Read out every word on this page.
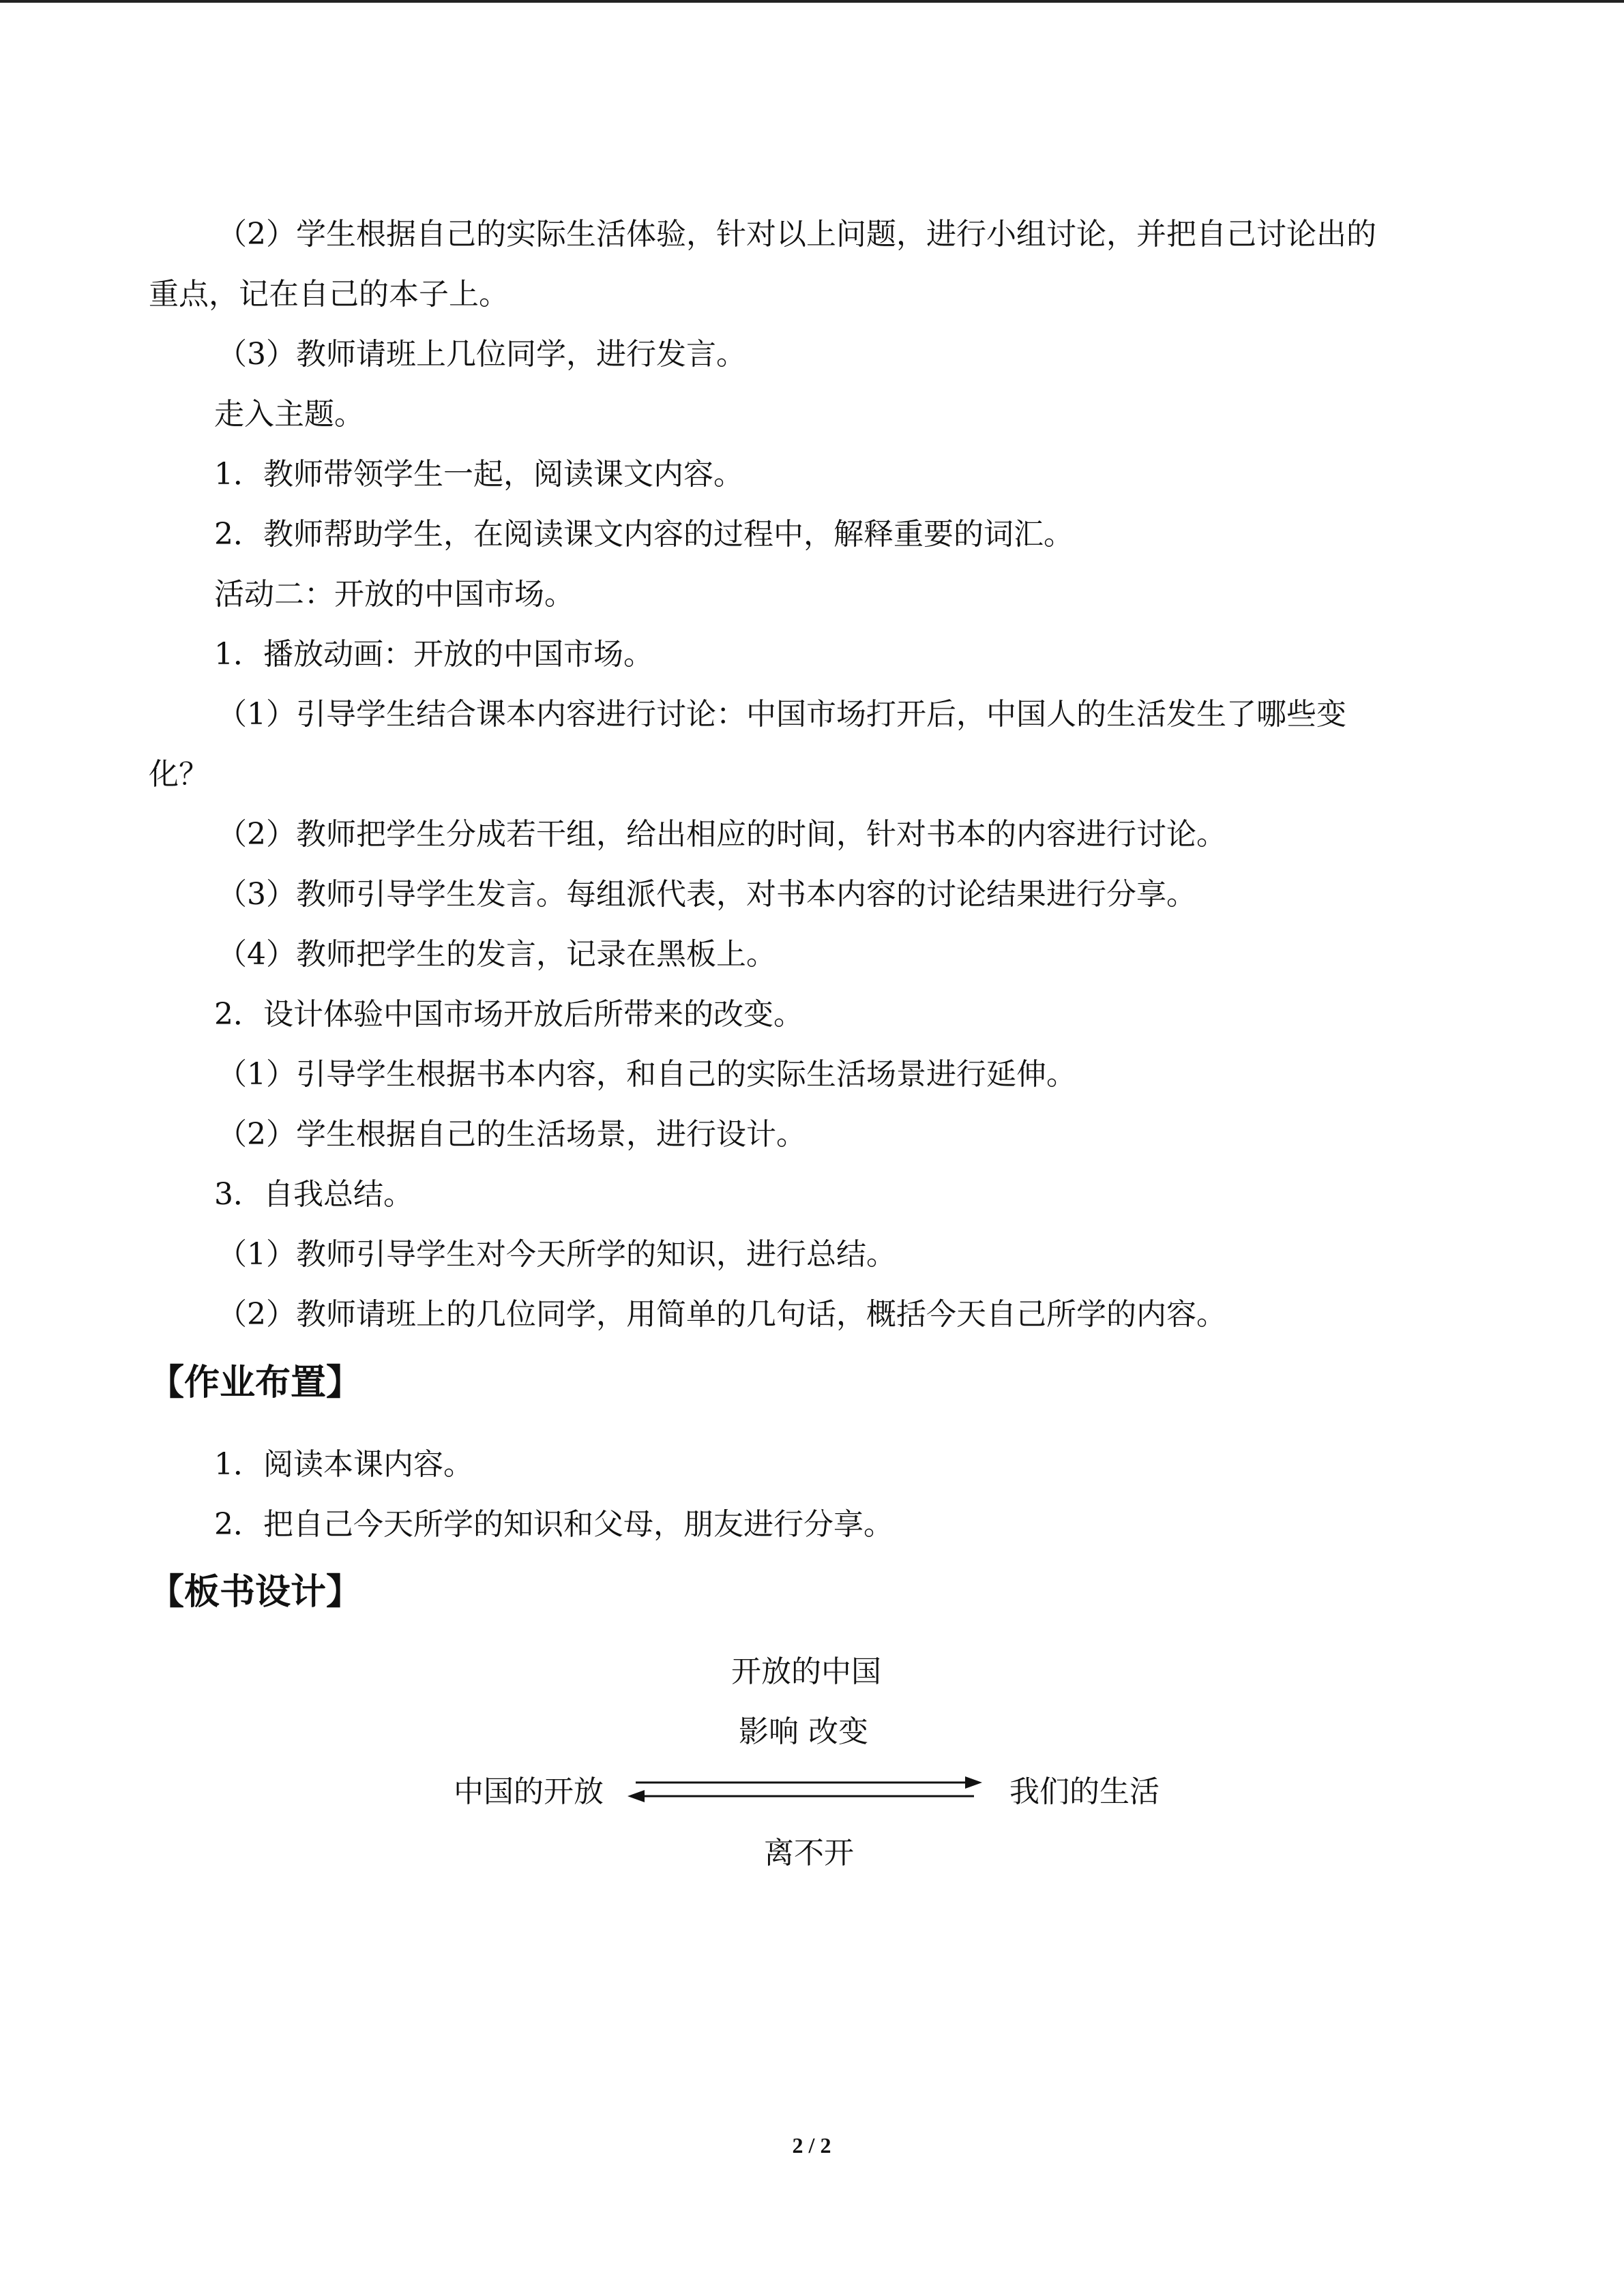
（2）学生根据自己的实际生活体验，针对以上问题，进行小组讨论，并把自己讨论出的
重点，记在自己的本子上。
（3）教师请班上几位同学，进行发言。
走入主题。
1．教师带领学生一起，阅读课文内容。
2．教师帮助学生，在阅读课文内容的过程中，解释重要的词汇。
活动二：开放的中国市场。
1．播放动画：开放的中国市场。
（1）引导学生结合课本内容进行讨论：中国市场打开后，中国人的生活发生了哪些变
化？
（2）教师把学生分成若干组，给出相应的时间，针对书本的内容进行讨论。
（3）教师引导学生发言。每组派代表，对书本内容的讨论结果进行分享。
（4）教师把学生的发言，记录在黑板上。
2．设计体验中国市场开放后所带来的改变。
（1）引导学生根据书本内容，和自己的实际生活场景进行延伸。
（2）学生根据自己的生活场景，进行设计。
3．自我总结。
（1）教师引导学生对今天所学的知识，进行总结。
（2）教师请班上的几位同学，用简单的几句话，概括今天自己所学的内容。
【作业布置】
1．阅读本课内容。
2．把自己今天所学的知识和父母，朋友进行分享。
【板书设计】
开放的中国
影响 改变
中国的开放	我们的生活
离不开
2 / 2
